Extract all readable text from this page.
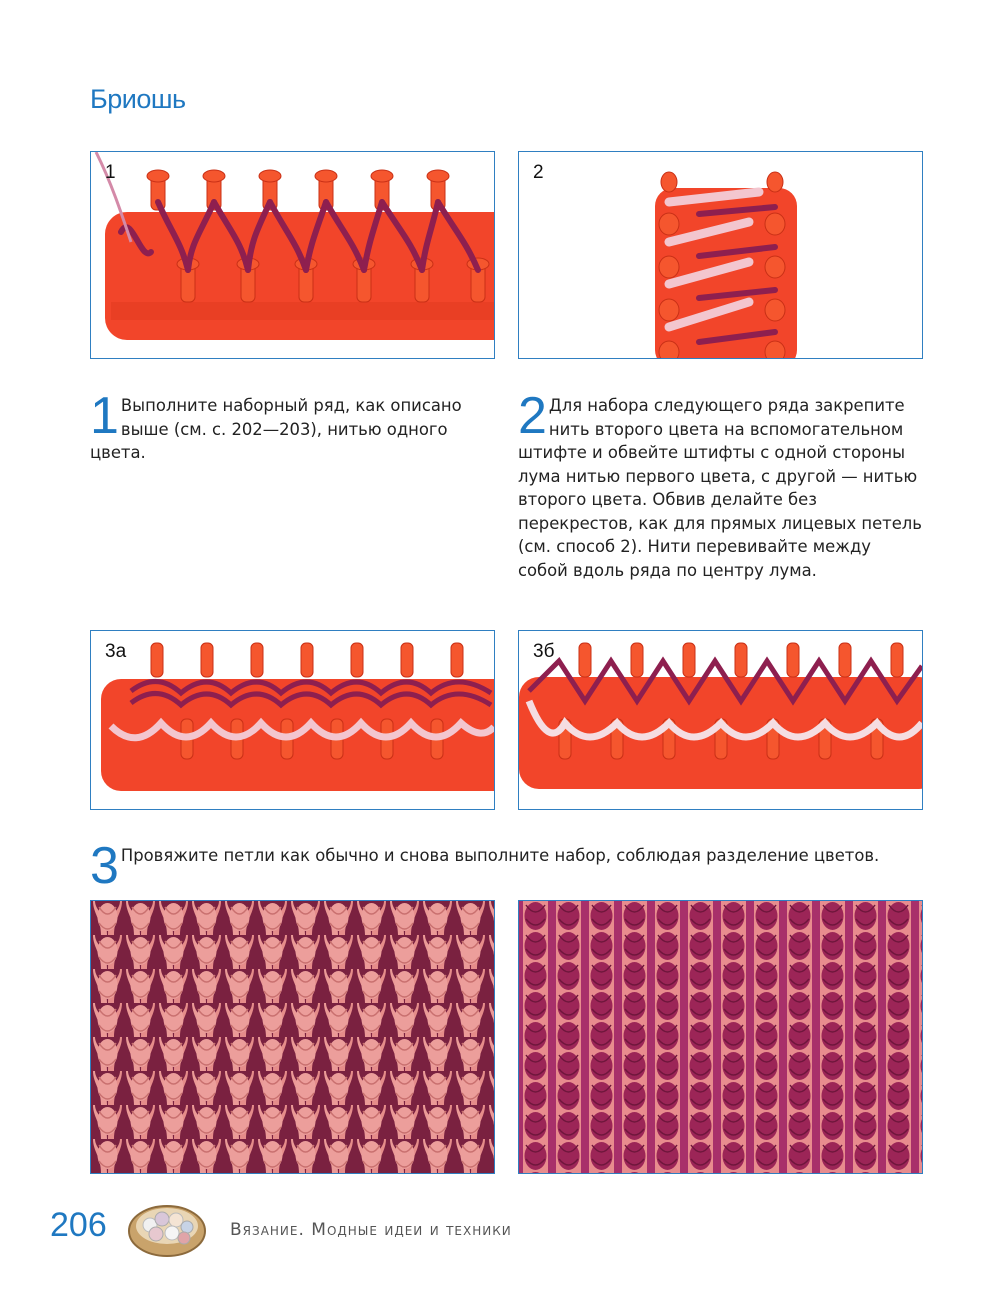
Бриошь
1	2
1 Выполните наборный ряд, как описано выше (см. с. 202—203), нитью одного цвета.
2 Для набора следующего ряда закрепите нить второго цвета на вспомогательном штифте и обвейте штифты с одной стороны лума нитью первого цвета, с другой — нитью второго цвета. Обвив делайте без перекрестов, как для прямых лицевых петель (см. способ 2). Нити перевивайте между собой вдоль ряда по центру лума.
3a	3б
3 Провяжите петли как обычно и снова выполните набор, соблюдая разделение цветов.
206	Вязание. Модные идеи и техники
